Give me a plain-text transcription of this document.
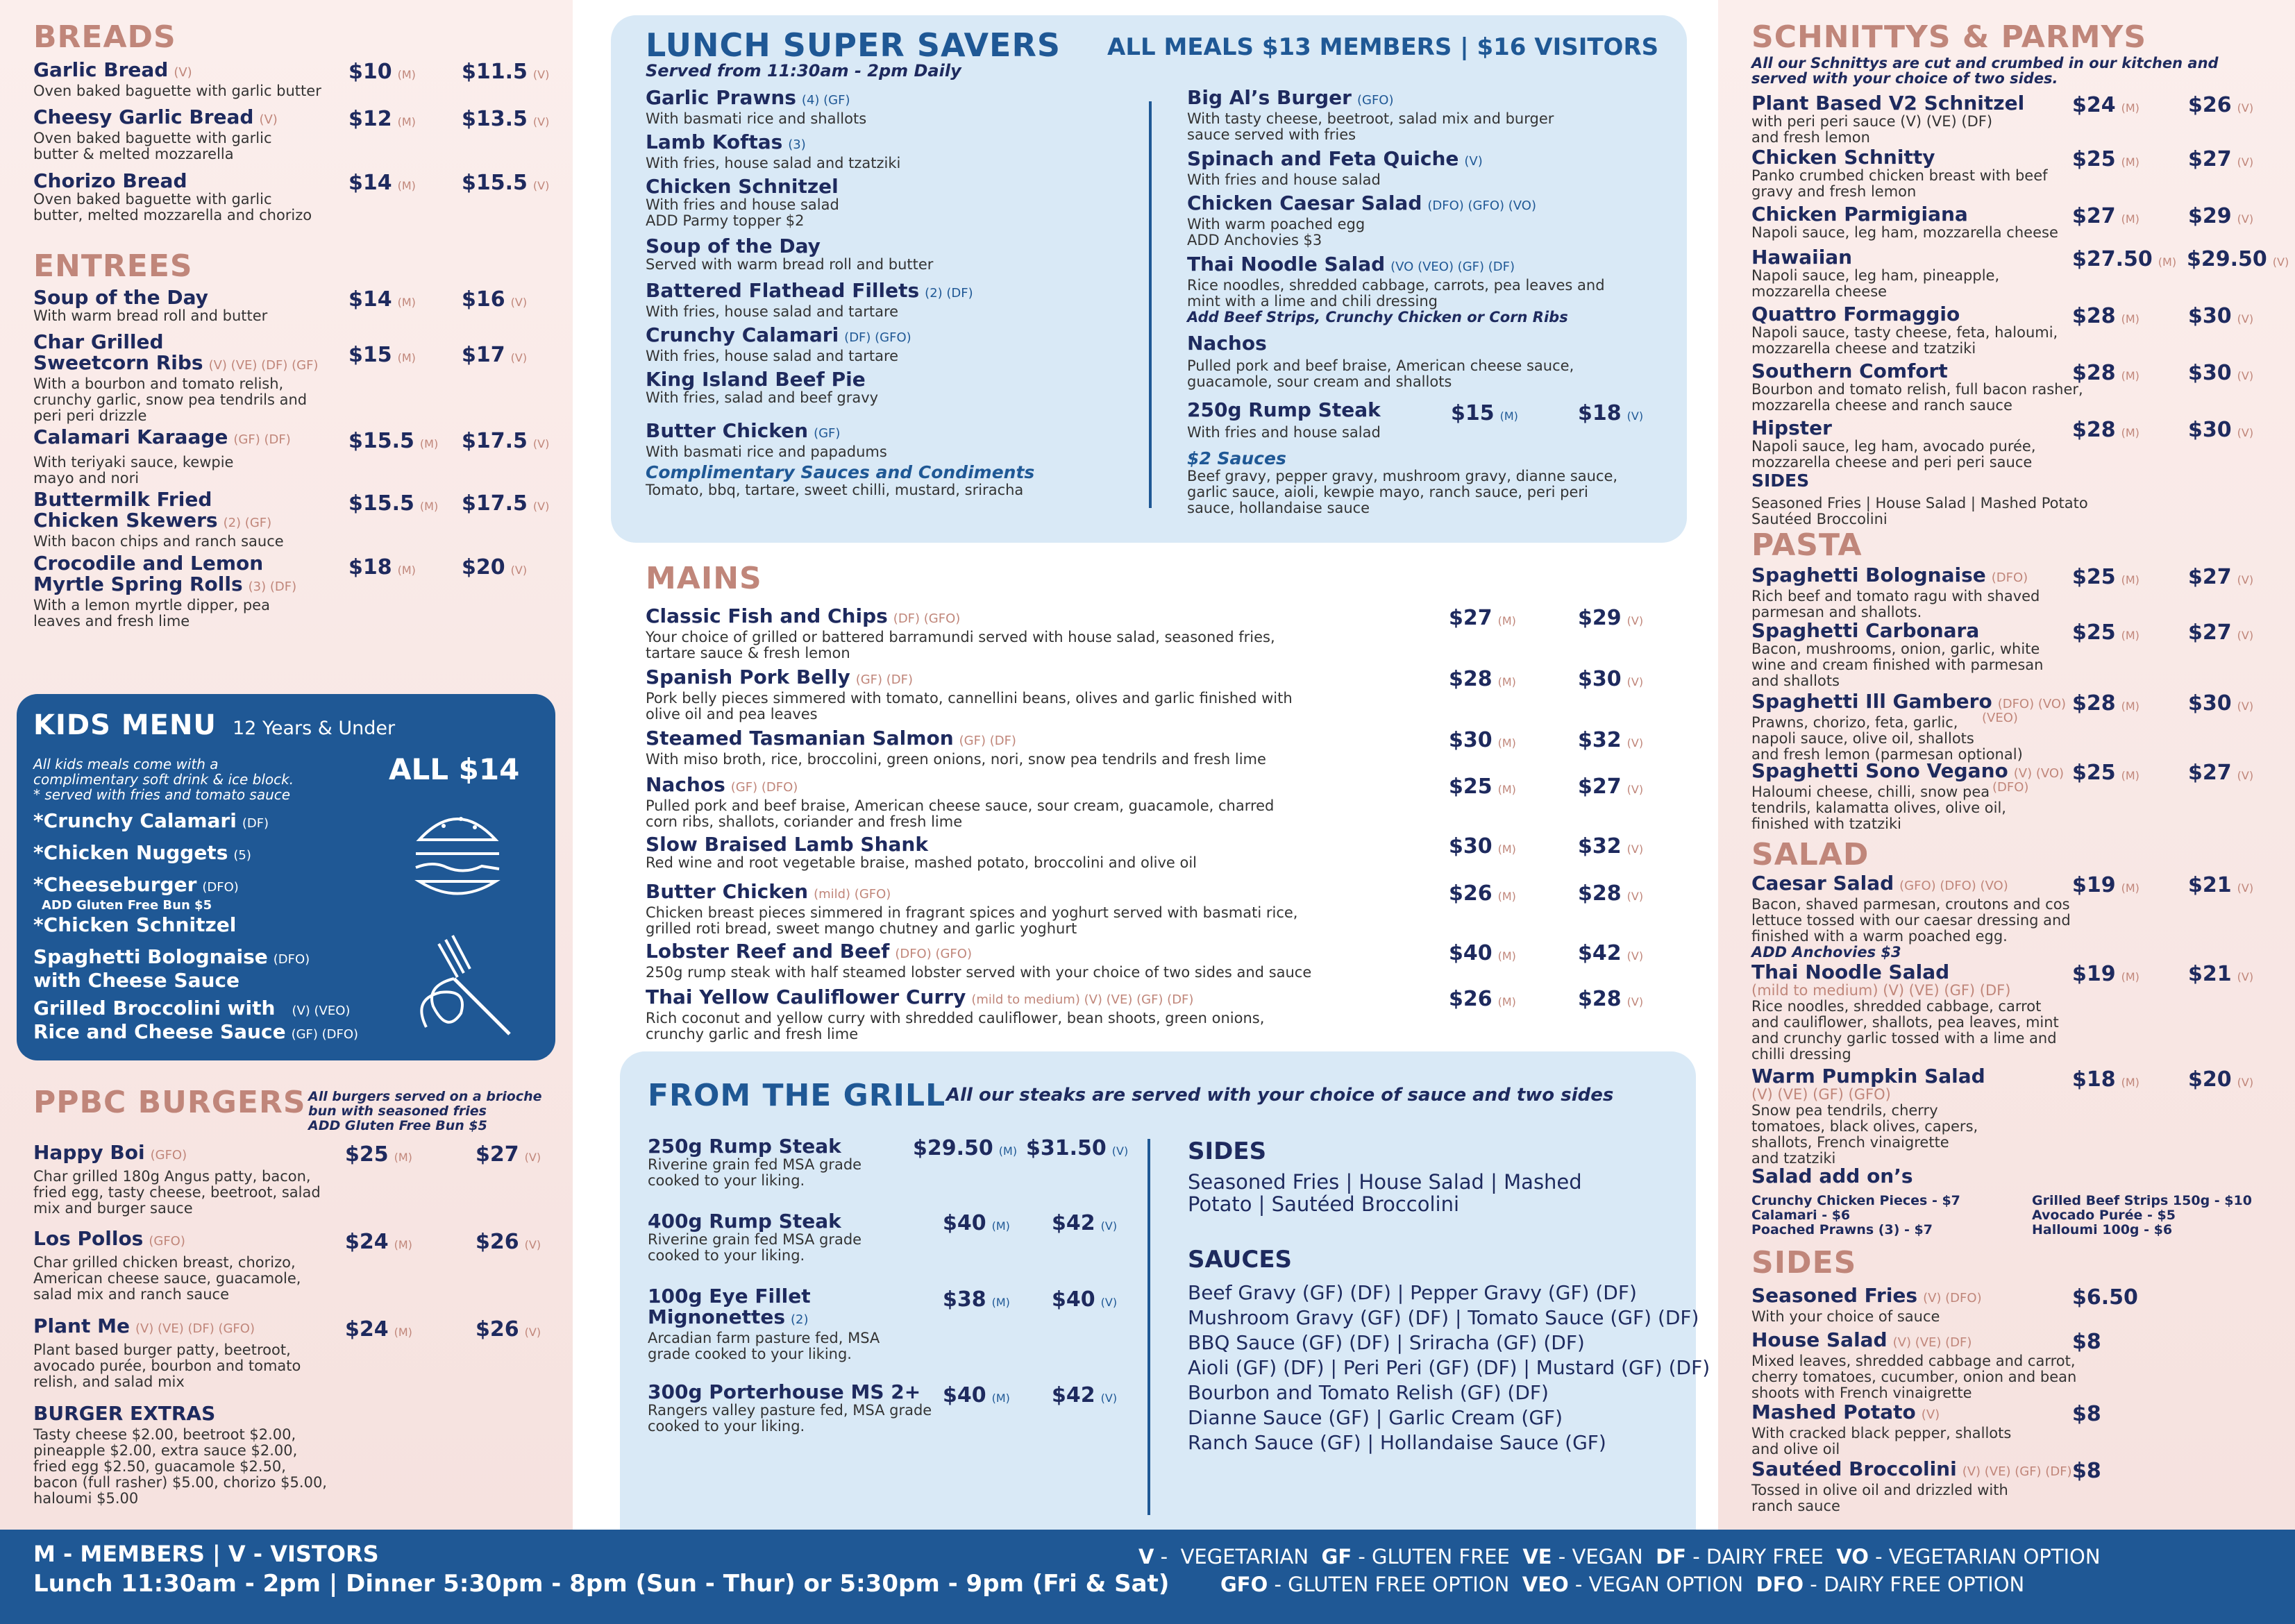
BREADS
Garlic Bread (V)
Oven baked baguette with garlic butter
$10 (M) $11.5 (V)
Cheesy Garlic Bread (V)
Oven baked baguette with garlic
butter & melted mozzarella
$12 (M) $13.5 (V)
Chorizo Bread
Oven baked baguette with garlic
butter, melted mozzarella and chorizo
$14 (M) $15.5 (V)
ENTREES
Soup of the Day
With warm bread roll and butter
$14 (M) $16 (V)
Char Grilled
Sweetcorn Ribs (V) (VE) (DF) (GF)
With a bourbon and tomato relish,
crunchy garlic, snow pea tendrils and
peri peri drizzle
$15 (M) $17 (V)
Calamari Karaage (GF) (DF)
With teriyaki sauce, kewpie
mayo and nori
$15.5 (M) $17.5 (V)
Buttermilk Fried
Chicken Skewers (2) (GF)
With bacon chips and ranch sauce
$15.5 (M) $17.5 (V)
Crocodile and Lemon
Myrtle Spring Rolls (3) (DF)
With a lemon myrtle dipper, pea
leaves and fresh lime
$18 (M) $20 (V)
KIDS MENU 12 Years & Under
All kids meals come with a
complimentary soft drink & ice block.
* served with fries and tomato sauce
ALL $14
*Crunchy Calamari (DF)
*Chicken Nuggets (5)
*Cheeseburger (DFO)
ADD Gluten Free Bun $5
*Chicken Schnitzel
Spaghetti Bolognaise (DFO)
with Cheese Sauce
Grilled Broccolini with (V) (VEO)
Rice and Cheese Sauce (GF) (DFO)
PPBC BURGERS All burgers served on a brioche
bun with seasoned fries
ADD Gluten Free Bun $5
Happy Boi (GFO)
Char grilled 180g Angus patty, bacon,
fried egg, tasty cheese, beetroot, salad
mix and burger sauce
$25 (M)	$27 (V)
Los Pollos (GFO)
Char grilled chicken breast, chorizo,
American cheese sauce, guacamole,
salad mix and ranch sauce
$24 (M)	$26 (V)
Plant Me (V) (VE) (DF) (GFO)
Plant based burger patty, beetroot,
avocado purée, bourbon and tomato
relish, and salad mix
$24 (M)	$26 (V)
BURGER EXTRAS
Tasty cheese $2.00, beetroot $2.00,
pineapple $2.00, extra sauce $2.00,
fried egg $2.50, guacamole $2.50,
bacon (full rasher) $5.00, chorizo $5.00,
haloumi $5.00
LUNCH SUPER SAVERS
Served from 11:30am - 2pm Daily
ALL MEALS $13 MEMBERS | $16 VISITORS
Garlic Prawns (4) (GF)
With basmati rice and shallots
Lamb Koftas (3)
With fries, house salad and tzatziki
Chicken Schnitzel
With fries and house salad
ADD Parmy topper $2
Soup of the Day
Served with warm bread roll and butter
Battered Flathead Fillets (2) (DF)
With fries, house salad and tartare
Crunchy Calamari (DF) (GFO)
With fries, house salad and tartare
King Island Beef Pie
With fries, salad and beef gravy
Butter Chicken (GF)
With basmati rice and papadums
Complimentary Sauces and Condiments
Tomato, bbq, tartare, sweet chilli, mustard, sriracha
Big Al’s Burger (GFO)
With tasty cheese, beetroot, salad mix and burger
sauce served with fries
Spinach and Feta Quiche (V)
With fries and house salad
Chicken Caesar Salad (DFO) (GFO) (VO)
With warm poached egg
ADD Anchovies $3
Thai Noodle Salad (VO (VEO) (GF) (DF)
Rice noodles, shredded cabbage, carrots, pea leaves and
mint with a lime and chili dressing
Add Beef Strips, Crunchy Chicken or Corn Ribs
Nachos
Pulled pork and beef braise, American cheese sauce,
guacamole, sour cream and shallots
250g Rump Steak
With fries and house salad
$15 (M)	$18 (V)
$2 Sauces
Beef gravy, pepper gravy, mushroom gravy, dianne sauce,
garlic sauce, aioli, kewpie mayo, ranch sauce, peri peri
sauce, hollandaise sauce
MAINS
Classic Fish and Chips (DF) (GFO)
Your choice of grilled or battered barramundi served with house salad, seasoned fries,
tartare sauce & fresh lemon
$27 (M)	$29 (V)
Spanish Pork Belly (GF) (DF)
Pork belly pieces simmered with tomato, cannellini beans, olives and garlic finished with
olive oil and pea leaves
$28 (M)	$30 (V)
Steamed Tasmanian Salmon (GF) (DF)
With miso broth, rice, broccolini, green onions, nori, snow pea tendrils and fresh lime
$30 (M)	$32 (V)
Nachos (GF) (DFO)
Pulled pork and beef braise, American cheese sauce, sour cream, guacamole, charred
corn ribs, shallots, coriander and fresh lime
$25 (M)	$27 (V)
Slow Braised Lamb Shank
Red wine and root vegetable braise, mashed potato, broccolini and olive oil
$30 (M)	$32 (V)
Butter Chicken (mild) (GFO)
Chicken breast pieces simmered in fragrant spices and yoghurt served with basmati rice,
grilled roti bread, sweet mango chutney and garlic yoghurt
$26 (M)	$28 (V)
Lobster Reef and Beef (DFO) (GFO)
250g rump steak with half steamed lobster served with your choice of two sides and sauce
$40 (M)	$42 (V)
Thai Yellow Cauliflower Curry (mild to medium) (V) (VE) (GF) (DF)
Rich coconut and yellow curry with shredded cauliflower, bean shoots, green onions,
crunchy garlic and fresh lime
$26 (M)	$28 (V)
FROM THE GRILL All our steaks are served with your choice of sauce and two sides
250g Rump Steak
Riverine grain fed MSA grade
cooked to your liking.
$29.50 (M) $31.50 (V)
400g Rump Steak
Riverine grain fed MSA grade
cooked to your liking.
$40 (M) $42 (V)
100g Eye Fillet
Mignonettes (2)
Arcadian farm pasture fed, MSA
grade cooked to your liking.
$38 (M) $40 (V)
300g Porterhouse MS 2+
Rangers valley pasture fed, MSA grade
cooked to your liking.
$40 (M) $42 (V)
SIDES
Seasoned Fries | House Salad | Mashed
Potato | Sautéed Broccolini
SAUCES
Beef Gravy (GF) (DF) | Pepper Gravy (GF) (DF)
Mushroom Gravy (GF) (DF) | Tomato Sauce (GF) (DF)
BBQ Sauce (GF) (DF) | Sriracha (GF) (DF)
Aioli (GF) (DF) | Peri Peri (GF) (DF) | Mustard (GF) (DF)
Bourbon and Tomato Relish (GF) (DF)
Dianne Sauce (GF) | Garlic Cream (GF)
Ranch Sauce (GF) | Hollandaise Sauce (GF)
SCHNITTYS & PARMYS
All our Schnittys are cut and crumbed in our kitchen and
served with your choice of two sides.
Plant Based V2 Schnitzel
with peri peri sauce (V) (VE) (DF)
and fresh lemon
$24 (M) $26 (V)
Chicken Schnitty
Panko crumbed chicken breast with beef
gravy and fresh lemon
$25 (M) $27 (V)
Chicken Parmigiana
Napoli sauce, leg ham, mozzarella cheese
$27 (M) $29 (V)
Hawaiian
Napoli sauce, leg ham, pineapple,
mozzarella cheese
$27.50 (M) $29.50 (V)
Quattro Formaggio
Napoli sauce, tasty cheese, feta, haloumi,
mozzarella cheese and tzatziki
$28 (M) $30 (V)
Southern Comfort
Bourbon and tomato relish, full bacon rasher,
mozzarella cheese and ranch sauce
$28 (M) $30 (V)
Hipster
Napoli sauce, leg ham, avocado purée,
mozzarella cheese and peri peri sauce
$28 (M) $30 (V)
SIDES
Seasoned Fries | House Salad | Mashed Potato
Sautéed Broccolini
PASTA
Spaghetti Bolognaise (DFO)
Rich beef and tomato ragu with shaved
parmesan and shallots.
$25 (M) $27 (V)
Spaghetti Carbonara
Bacon, mushrooms, onion, garlic, white
wine and cream finished with parmesan
and shallots
$25 (M) $27 (V)
Spaghetti Ill Gambero (DFO) (VO)
Prawns, chorizo, feta, garlic,
napoli sauce, olive oil, shallots
and fresh lemon (parmesan optional)
(VEO)
$28 (M) $30 (V)
Spaghetti Sono Vegano (V) (VO)
Haloumi cheese, chilli, snow pea
tendrils, kalamatta olives, olive oil,
finished with tzatziki
(DFO)
$25 (M) $27 (V)
SALAD
Caesar Salad (GFO) (DFO) (VO)
Bacon, shaved parmesan, croutons and cos
lettuce tossed with our caesar dressing and
finished with a warm poached egg.
ADD Anchovies $3
$19 (M) $21 (V)
Thai Noodle Salad
(mild to medium) (V) (VE) (GF) (DF)
Rice noodles, shredded cabbage, carrot
and cauliflower, shallots, pea leaves, mint
and crunchy garlic tossed with a lime and
chilli dressing
$19 (M) $21 (V)
Warm Pumpkin Salad
(V) (VE) (GF) (GFO)
Snow pea tendrils, cherry
tomatoes, black olives, capers,
shallots, French vinaigrette
and tzatziki
$18 (M) $20 (V)
Salad add on’s
Crunchy Chicken Pieces - $7
Calamari - $6
Poached Prawns (3) - $7
Grilled Beef Strips 150g - $10
Avocado Purée - $5
Halloumi 100g - $6
SIDES
Seasoned Fries (V) (DFO)
With your choice of sauce
$6.50
House Salad (V) (VE) (DF)
Mixed leaves, shredded cabbage and carrot,
cherry tomatoes, cucumber, onion and bean
shoots with French vinaigrette
$8
Mashed Potato (V)
With cracked black pepper, shallots
and olive oil
$8
Sautéed Broccolini (V) (VE) (GF) (DF)
Tossed in olive oil and drizzled with
ranch sauce
$8
M - MEMBERS | V - VISTORS
Lunch 11:30am - 2pm | Dinner 5:30pm - 8pm (Sun - Thur) or 5:30pm - 9pm (Fri & Sat)
V -  VEGETARIAN  GF - GLUTEN FREE  VE - VEGAN  DF - DAIRY FREE  VO - VEGETARIAN OPTION
GFO - GLUTEN FREE OPTION  VEO - VEGAN OPTION  DFO - DAIRY FREE OPTION
